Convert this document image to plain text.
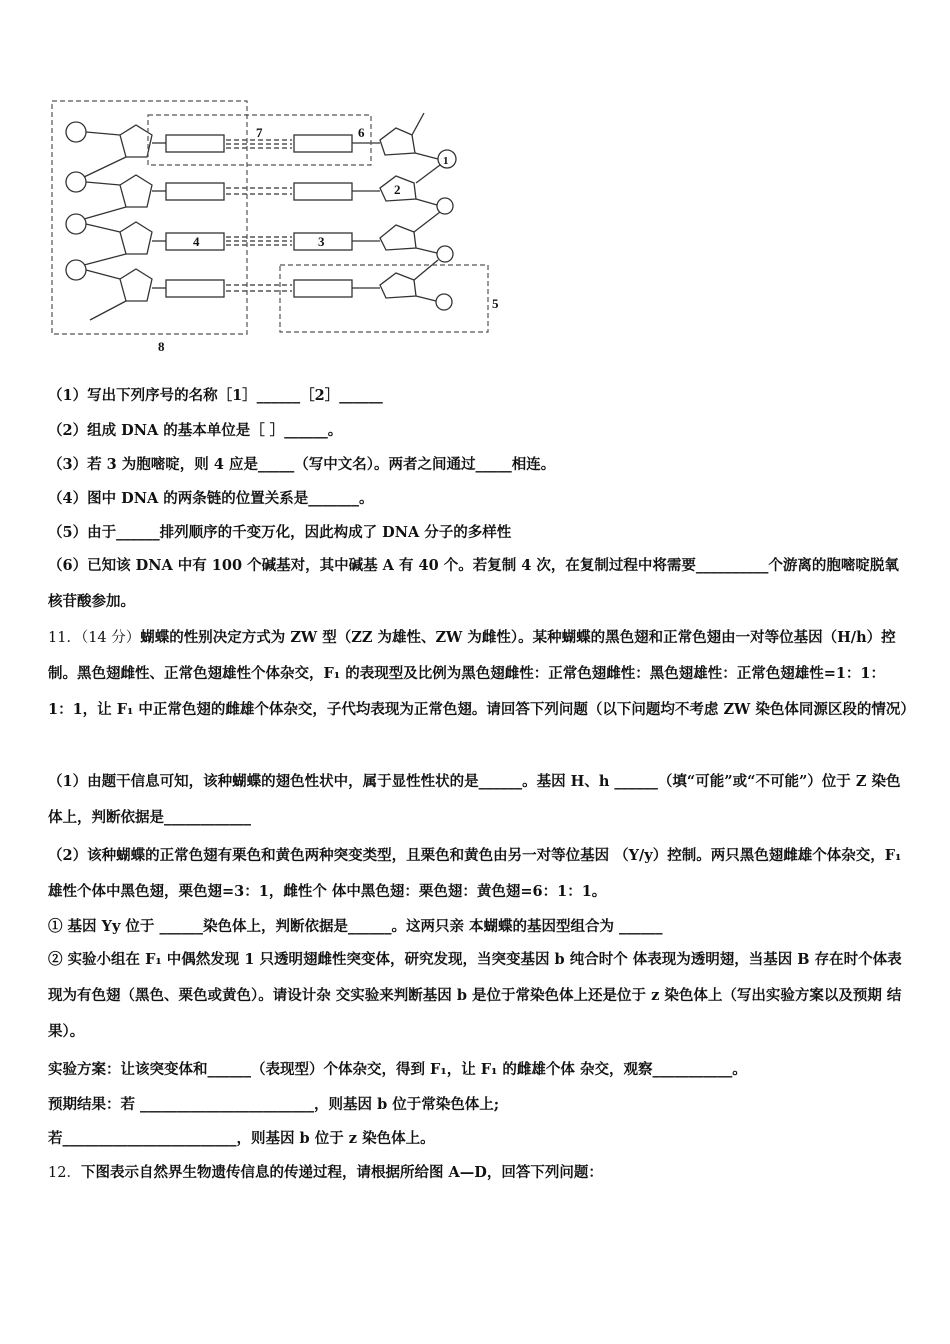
7	6
1
2
3
4
5
8
（1）写出下列序号的名称［1］______［2］______
（2）组成 DNA 的基本单位是［ ］______。
（3）若 3 为胞嘧啶，则 4 应是_____（写中文名）。两者之间通过_____相连。
（4）图中 DNA 的两条链的位置关系是_______。
（5）由于______排列顺序的千变万化，因此构成了 DNA 分子的多样性
（6）已知该 DNA 中有 100 个碱基对，其中碱基 A 有 40 个。若复制 4 次，在复制过程中将需要__________个游离的胞嘧啶脱氧核苷酸参加。
11．（14 分）蝴蝶的性别决定方式为 ZW 型（ZZ 为雄性、ZW 为雌性）。某种蝴蝶的黑色翅和正常色翅由一对等位基因（H/h）控制。黑色翅雌性、正常色翅雄性个体杂交，F₁ 的表现型及比例为黑色翅雌性：正常色翅雌性：黑色翅雄性：正常色翅雄性=1：1：1：1，让 F₁ 中正常色翅的雌雄个体杂交，子代均表现为正常色翅。请回答下列问题（以下问题均不考虑 ZW 染色体同源区段的情况）
（1）由题干信息可知，该种蝴蝶的翅色性状中，属于显性性状的是______。基因 H、h ______（填“可能”或“不可能”）位于 Z 染色体上，判断依据是____________
（2）该种蝴蝶的正常色翅有栗色和黄色两种突变类型，且栗色和黄色由另一对等位基因 （Y/y）控制。两只黑色翅雌雄个体杂交，F₁ 雄性个体中黑色翅，栗色翅=3：1，雌性个 体中黑色翅：栗色翅：黄色翅=6：1：1。
① 基因 Yy 位于 ______染色体上，判断依据是______。这两只亲 本蝴蝶的基因型组合为 ______
② 实验小组在 F₁ 中偶然发现 1 只透明翅雌性突变体，研究发现，当突变基因 b 纯合时个 体表现为透明翅，当基因 B 存在时个体表现为有色翅（黑色、栗色或黄色）。请设计杂 交实验来判断基因 b 是位于常染色体上还是位于 z 染色体上（写出实验方案以及预期 结果）。
实验方案：让该突变体和______（表现型）个体杂交，得到 F₁，让 F₁ 的雌雄个体 杂交，观察___________。
预期结果：若 ________________________，则基因 b 位于常染色体上;
若________________________，则基因 b 位于 z 染色体上。
12．下图表示自然界生物遗传信息的传递过程，请根据所给图 A—D，回答下列问题：
